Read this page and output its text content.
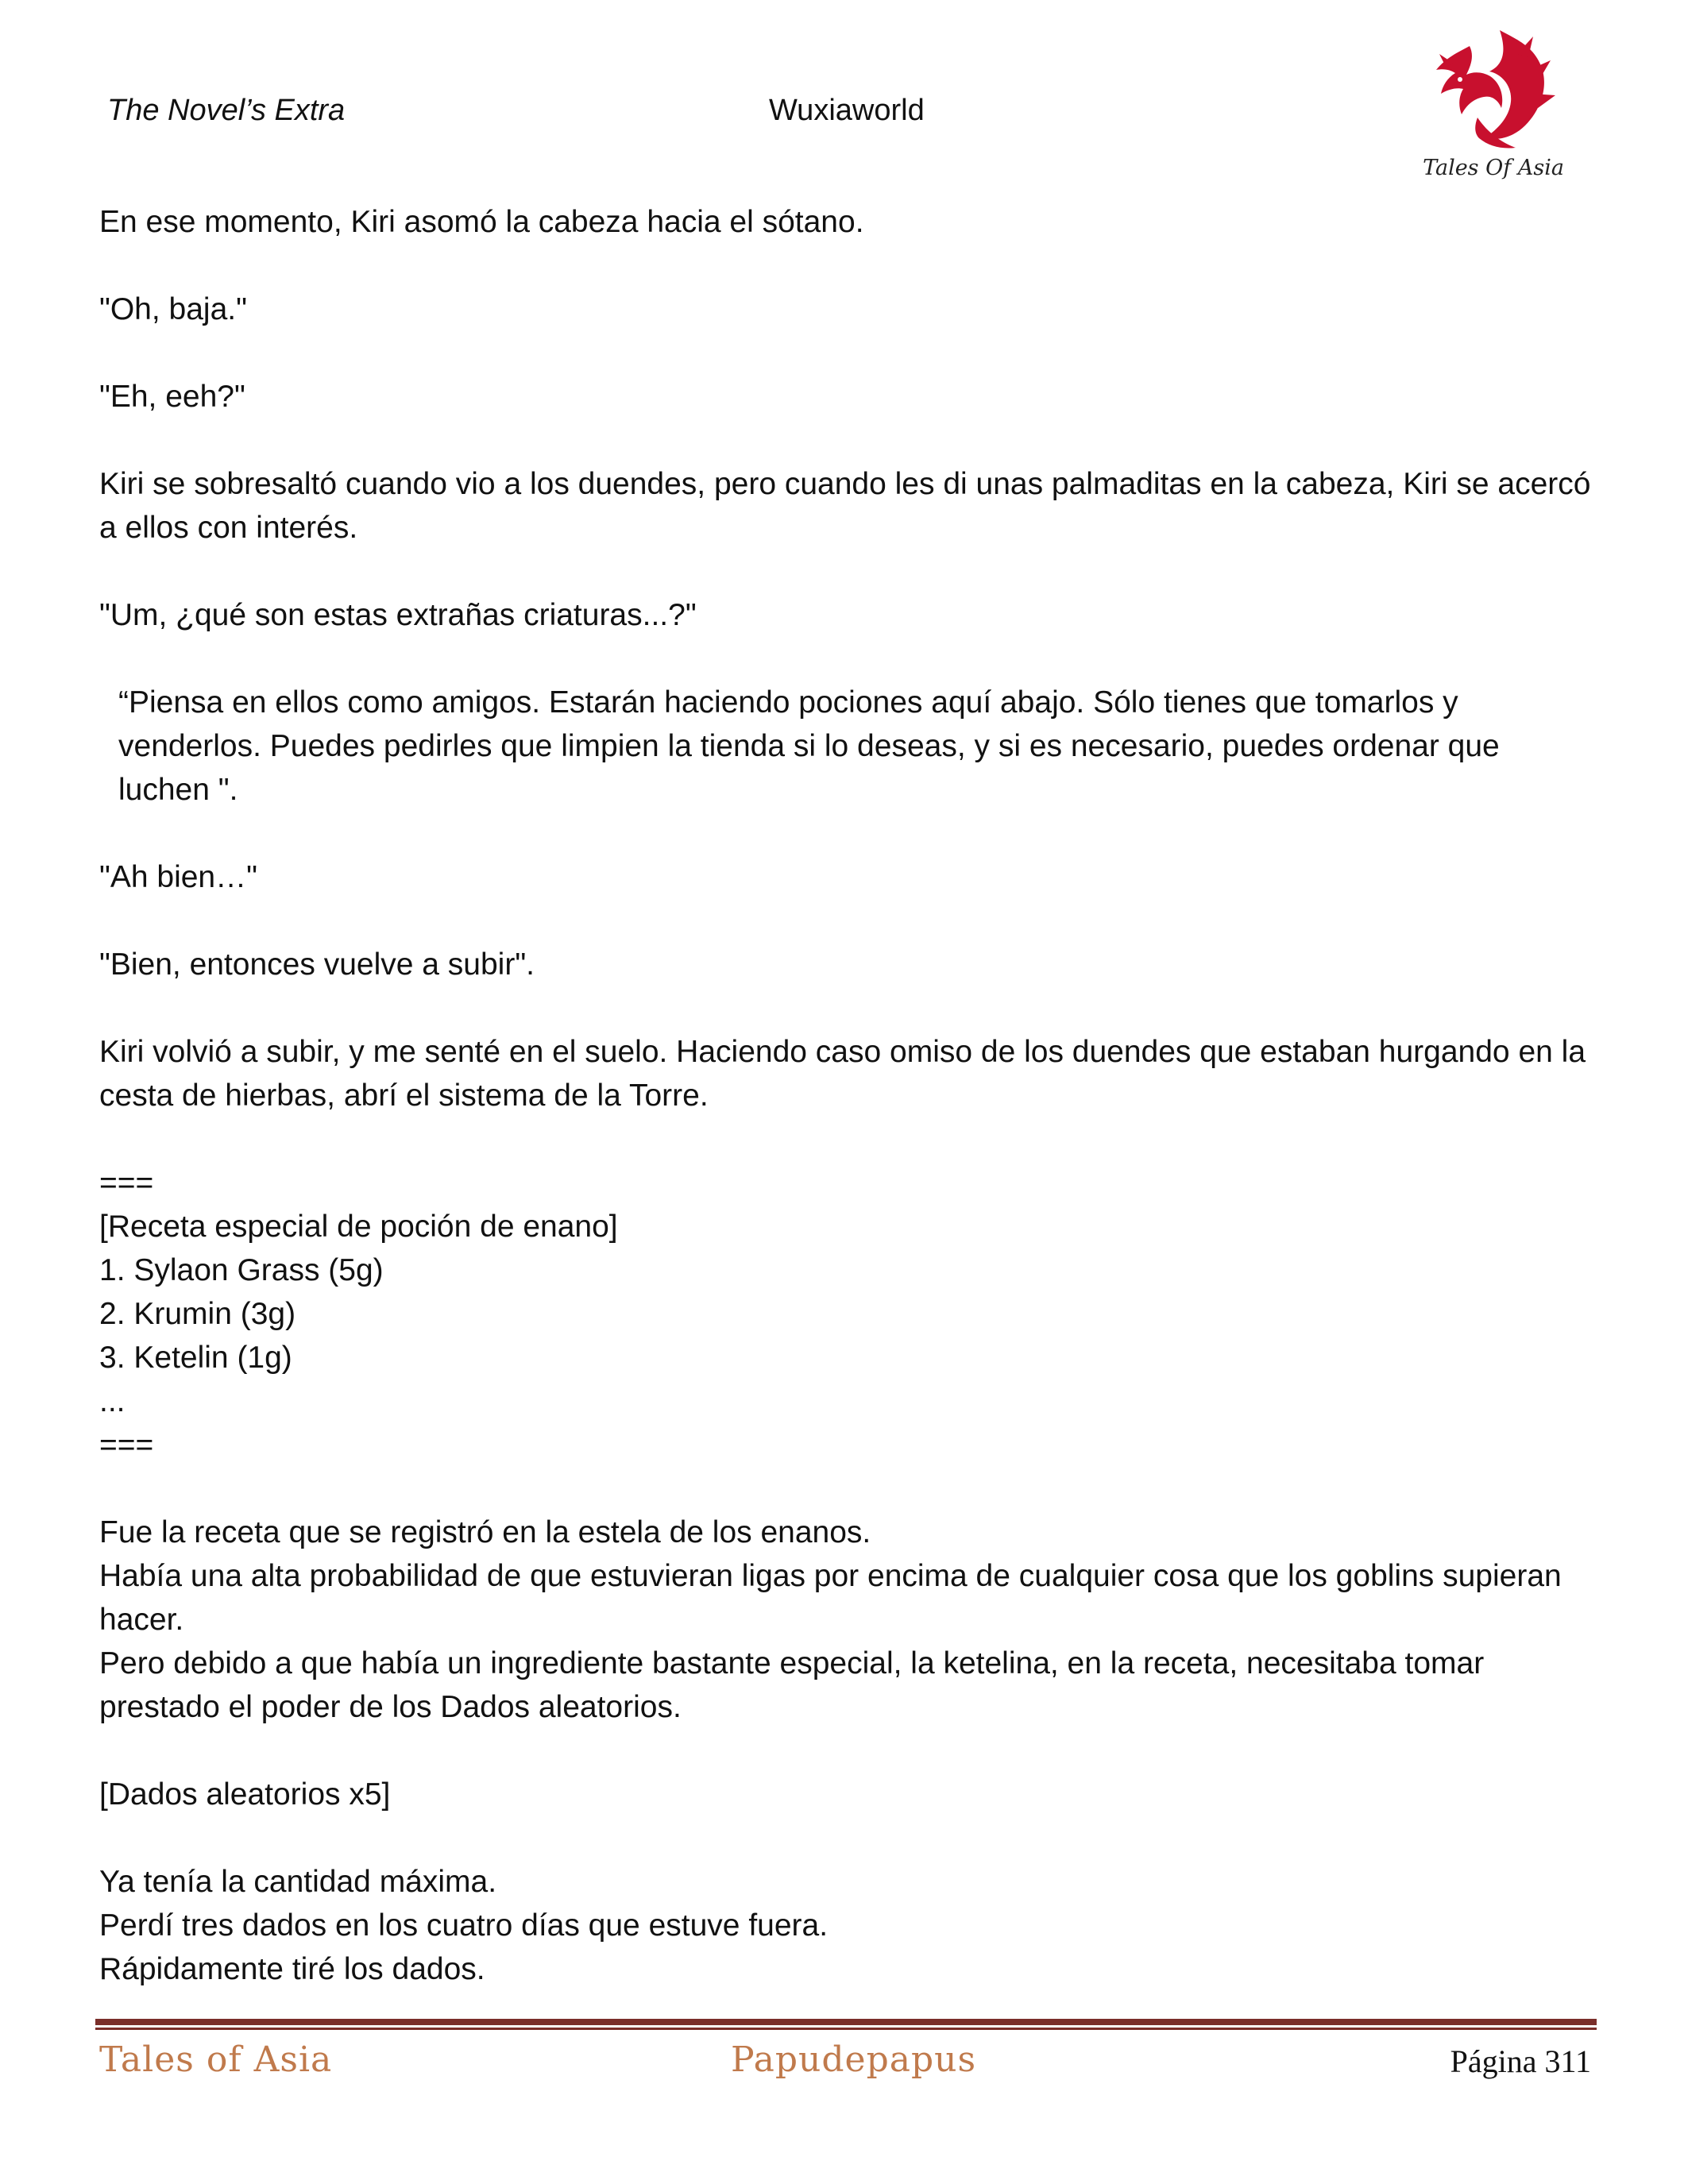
The Novel’s Extra	Wuxiaworld
Tales Of Asia

En ese momento, Kiri asomó la cabeza hacia el sótano.

"Oh, baja."

"Eh, eeh?"

Kiri se sobresaltó cuando vio a los duendes, pero cuando les di unas palmaditas en la cabeza, Kiri se acercó a ellos con interés.

"Um, ¿qué son estas extrañas criaturas...?"

“Piensa en ellos como amigos. Estarán haciendo pociones aquí abajo. Sólo tienes que tomarlos y venderlos. Puedes pedirles que limpien la tienda si lo deseas, y si es necesario, puedes ordenar que luchen ".

"Ah bien…"

"Bien, entonces vuelve a subir".

Kiri volvió a subir, y me senté en el suelo. Haciendo caso omiso de los duendes que estaban hurgando en la cesta de hierbas, abrí el sistema de la Torre.

===

[Receta especial de poción de enano]

1. Sylaon Grass (5g)

2. Krumin (3g)

3. Ketelin (1g)

...

===

Fue la receta que se registró en la estela de los enanos.

Había una alta probabilidad de que estuvieran ligas por encima de cualquier cosa que los goblins supieran hacer.

Pero debido a que había un ingrediente bastante especial, la ketelina, en la receta, necesitaba tomar prestado el poder de los Dados aleatorios.

[Dados aleatorios x5]

Ya tenía la cantidad máxima.

Perdí tres dados en los cuatro días que estuve fuera.

Rápidamente tiré los dados.

Tales of Asia	Papudepapus	Página 311
